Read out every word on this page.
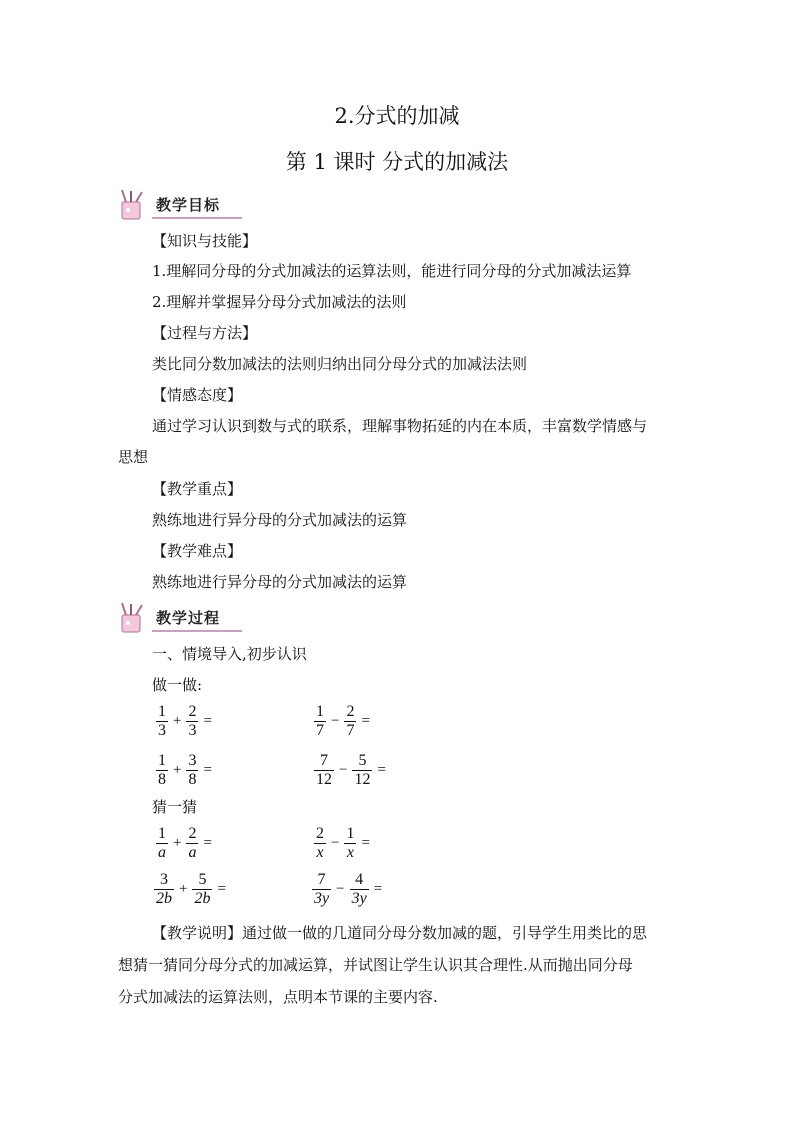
2.分式的加减
第 1 课时 分式的加减法
教学目标
【知识与技能】
1.理解同分母的分式加减法的运算法则，能进行同分母的分式加减法运算
2.理解并掌握异分母分式加减法的法则
【过程与方法】
类比同分数加减法的法则归纳出同分母分式的加减法法则
【情感态度】
通过学习认识到数与式的联系，理解事物拓延的内在本质，丰富数学情感与
思想
【教学重点】
熟练地进行异分母的分式加减法的运算
【教学难点】
熟练地进行异分母的分式加减法的运算
教学过程
一、情境导入,初步认识
做一做:
$\frac{1}{3} + \frac{2}{3}$ =	$\frac{1}{7} - \frac{2}{7}$ =
$\frac{1}{8} + \frac{3}{8}$ =	$\frac{7}{12} - \frac{5}{12}$ =
猜一猜
$\frac{1}{a} + \frac{2}{a}$ =	$\frac{2}{x} - \frac{1}{x}$ =
$\frac{3}{2b} + \frac{5}{2b}$ =	$\frac{7}{3y} - \frac{4}{3y}$ =
【教学说明】通过做一做的几道同分母分数加减的题，引导学生用类比的思
想猜一猜同分母分式的加减运算，并试图让学生认识其合理性.从而抛出同分母
分式加减法的运算法则，点明本节课的主要内容.
